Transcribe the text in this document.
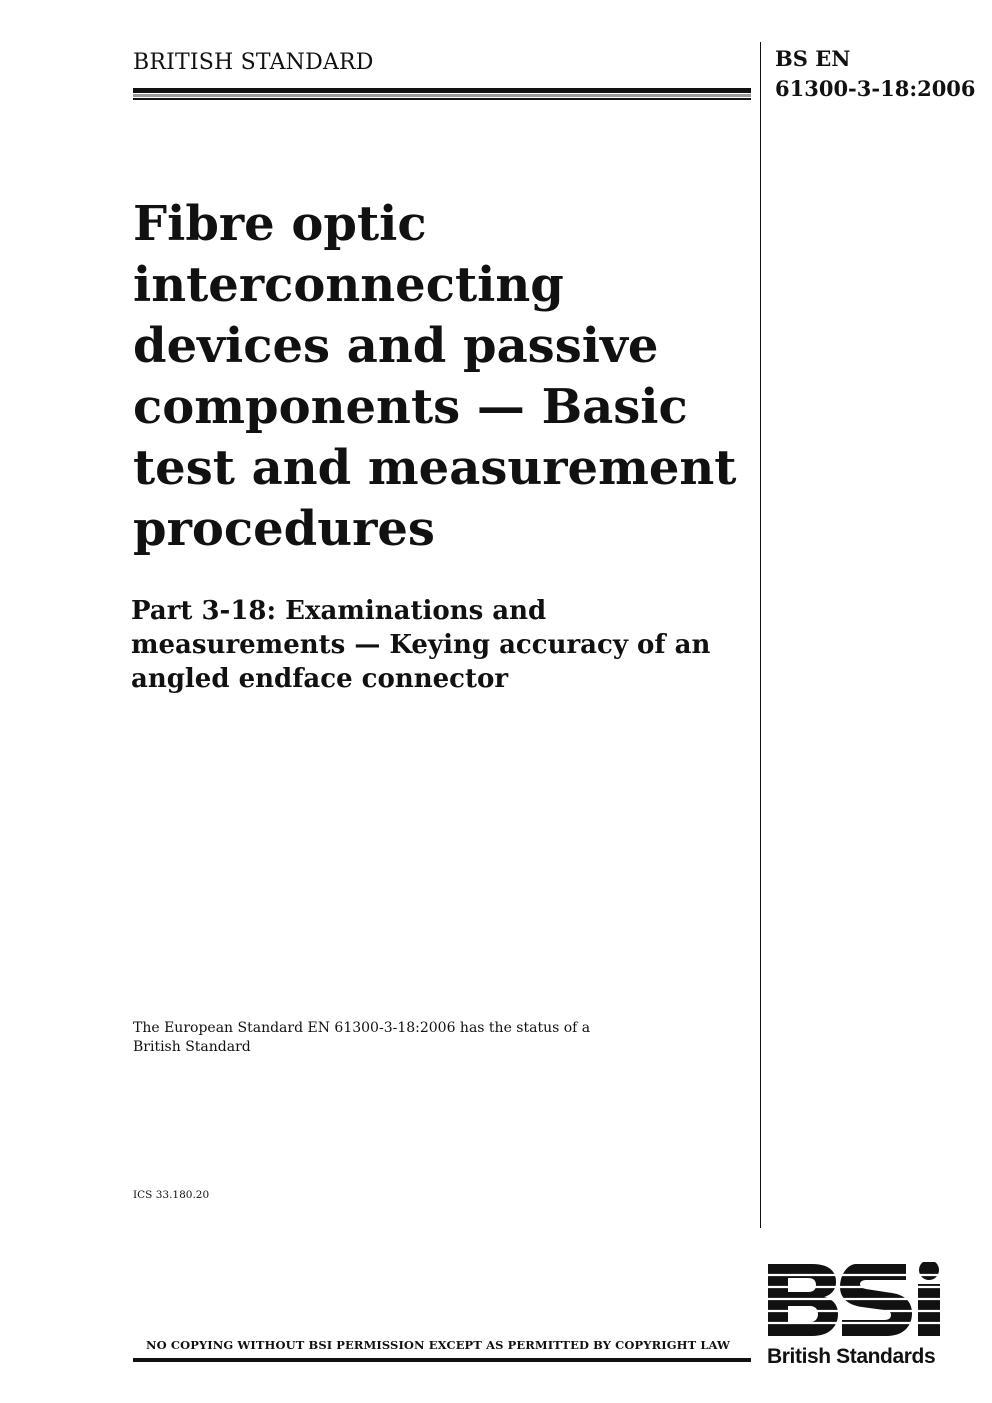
BRITISH STANDARD	BS EN
61300-3-18:2006
Fibre optic
interconnecting
devices and passive
components — Basic
test and measurement
procedures
Part 3-18: Examinations and
measurements — Keying accuracy of an
angled endface connector
The European Standard EN 61300-3-18:2006 has the status of a
British Standard
ICS 33.180.20
NO COPYING WITHOUT BSI PERMISSION EXCEPT AS PERMITTED BY COPYRIGHT LAW British Standards
